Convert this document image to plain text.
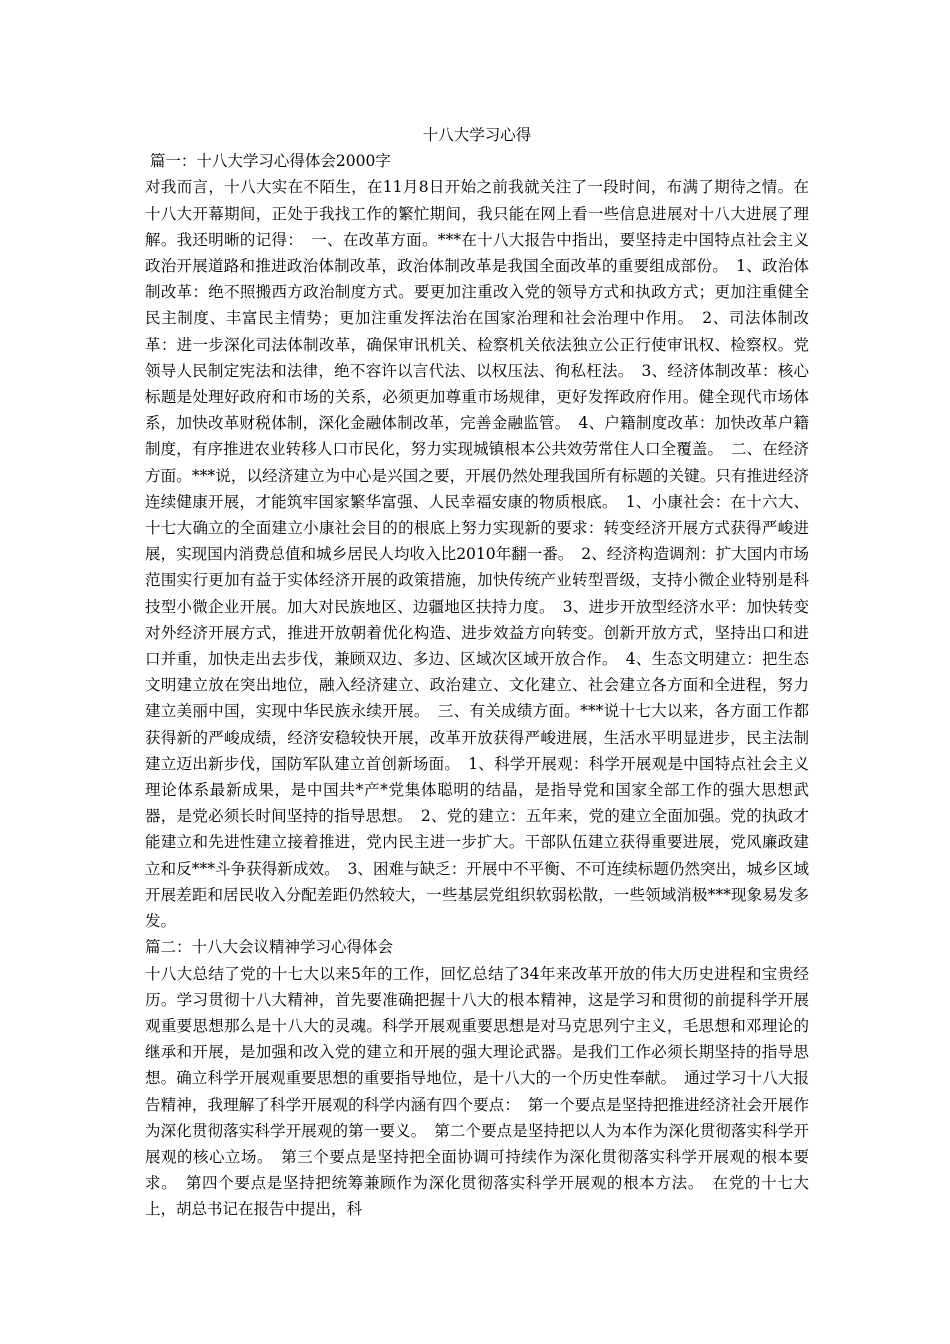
十八大学习心得
篇一：十八大学习心得体会2000字

对我而言，十八大实在不陌生，在11月8日开始之前我就关注了一段时间，布满了期待之情。在十八大开幕期间，正处于我找工作的繁忙期间，我只能在网上看一些信息进展对十八大进展了理解。我还明晰的记得：　一、在改革方面。***在十八大报告中指出，要坚持走中国特点社会主义政治开展道路和推进政治体制改革，政治体制改革是我国全面改革的重要组成部份。　1、政治体制改革：绝不照搬西方政治制度方式。要更加注重改入党的领导方式和执政方式；更加注重健全民主制度、丰富民主情势；更加注重发挥法治在国家治理和社会治理中作用。　2、司法体制改革：进一步深化司法体制改革，确保审讯机关、检察机关依法独立公正行使审讯权、检察权。党领导人民制定宪法和法律，绝不容许以言代法、以权压法、徇私枉法。　3、经济体制改革：核心标题是处理好政府和市场的关系，必须更加尊重市场规律，更好发挥政府作用。健全现代市场体系，加快改革财税体制，深化金融体制改革，完善金融监管。　4、户籍制度改革：加快改革户籍制度，有序推进农业转移人口市民化，努力实现城镇根本公共效劳常住人口全覆盖。　二、在经济方面。***说，以经济建立为中心是兴国之要，开展仍然处理我国所有标题的关键。只有推进经济连续健康开展，才能筑牢国家繁华富强、人民幸福安康的物质根底。　1、小康社会：在十六大、十七大确立的全面建立小康社会目的的根底上努力实现新的要求：转变经济开展方式获得严峻进展，实现国内消费总值和城乡居民人均收入比2010年翻一番。　2、经济构造调剂：扩大国内市场范围实行更加有益于实体经济开展的政策措施，加快传统产业转型晋级，支持小微企业特别是科技型小微企业开展。加大对民族地区、边疆地区扶持力度。　3、进步开放型经济水平：加快转变对外经济开展方式，推进开放朝着优化构造、进步效益方向转变。创新开放方式，坚持出口和进口并重，加快走出去步伐，兼顾双边、多边、区域次区域开放合作。　4、生态文明建立：把生态文明建立放在突出地位，融入经济建立、政治建立、文化建立、社会建立各方面和全进程，努力建立美丽中国，实现中华民族永续开展。　三、有关成绩方面。***说十七大以来，各方面工作都获得新的严峻成绩，经济安稳较快开展，改革开放获得严峻进展，生活水平明显进步，民主法制建立迈出新步伐，国防军队建立首创新场面。　1、科学开展观：科学开展观是中国特点社会主义理论体系最新成果，是中国共*产*党集体聪明的结晶，是指导党和国家全部工作的强大思想武器，是党必须长时间坚持的指导思想。　2、党的建立：五年来，党的建立全面加强。党的执政才能建立和先进性建立接着推进，党内民主进一步扩大。干部队伍建立获得重要进展，党风廉政建立和反***斗争获得新成效。　3、困难与缺乏：开展中不平衡、不可连续标题仍然突出，城乡区域开展差距和居民收入分配差距仍然较大，一些基层党组织软弱松散，一些领域消极***现象易发多发。

篇二：十八大会议精神学习心得体会

十八大总结了党的十七大以来5年的工作，回忆总结了34年来改革开放的伟大历史进程和宝贵经历。学习贯彻十八大精神，首先要准确把握十八大的根本精神，这是学习和贯彻的前提科学开展观重要思想那么是十八大的灵魂。科学开展观重要思想是对马克思列宁主义，毛思想和邓理论的继承和开展，是加强和改入党的建立和开展的强大理论武器。是我们工作必须长期坚持的指导思想。确立科学开展观重要思想的重要指导地位，是十八大的一个历史性奉献。　通过学习十八大报告精神，我理解了科学开展观的科学内涵有四个要点：　第一个要点是坚持把推进经济社会开展作为深化贯彻落实科学开展观的第一要义。　第二个要点是坚持把以人为本作为深化贯彻落实科学开展观的核心立场。　第三个要点是坚持把全面协调可持续作为深化贯彻落实科学开展观的根本要求。　第四个要点是坚持把统筹兼顾作为深化贯彻落实科学开展观的根本方法。　在党的十七大上，胡总书记在报告中提出，科
